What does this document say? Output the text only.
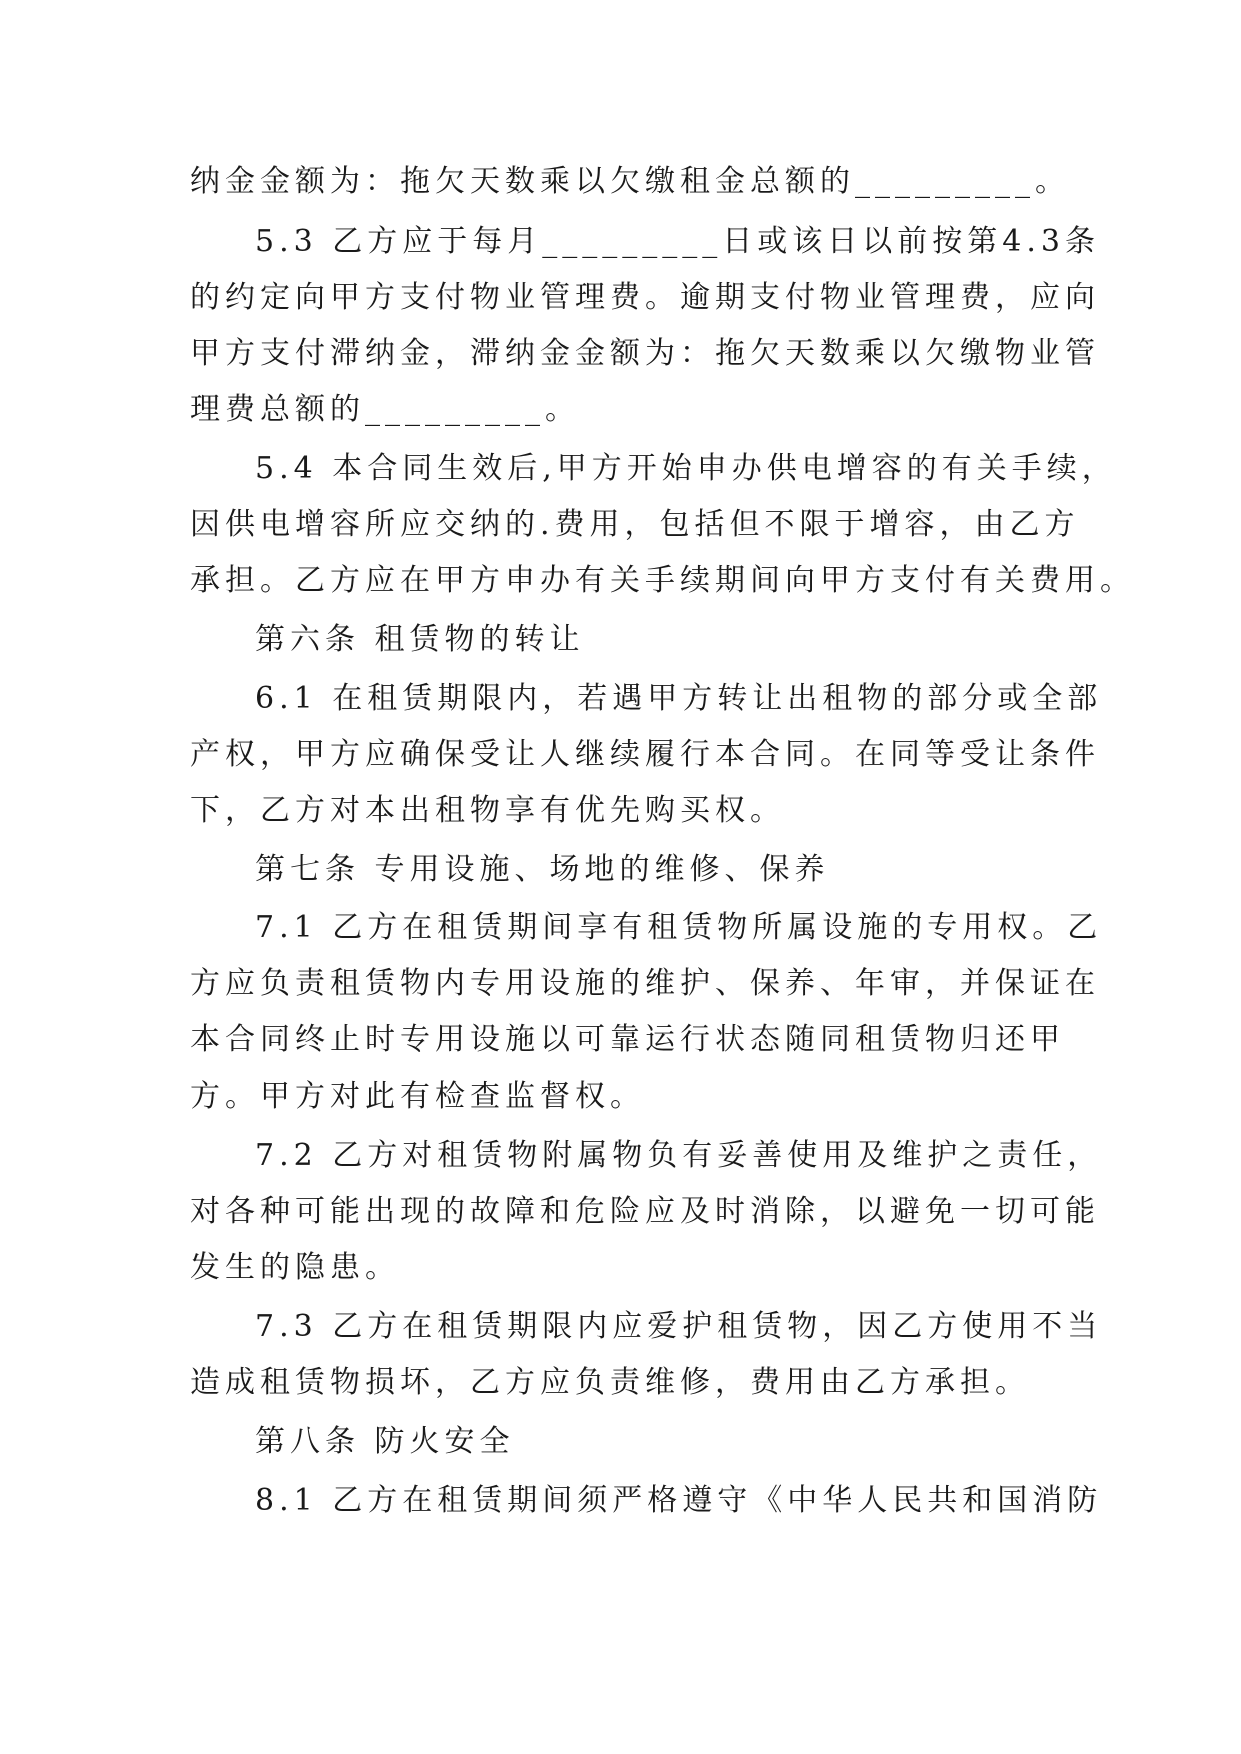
纳金金额为：拖欠天数乘以欠缴租金总额的_________。

5.3 乙方应于每月_________日或该日以前按第4.3条

的约定向甲方支付物业管理费。逾期支付物业管理费，应向

甲方支付滞纳金，滞纳金金额为：拖欠天数乘以欠缴物业管

理费总额的_________。

5.4 本合同生效后,甲方开始申办供电增容的有关手续，

因供电增容所应交纳的.费用，包括但不限于增容，由乙方

承担。乙方应在甲方申办有关手续期间向甲方支付有关费用。

第六条 租赁物的转让

6.1 在租赁期限内，若遇甲方转让出租物的部分或全部

产权，甲方应确保受让人继续履行本合同。在同等受让条件

下，乙方对本出租物享有优先购买权。

第七条 专用设施、场地的维修、保养

7.1 乙方在租赁期间享有租赁物所属设施的专用权。乙

方应负责租赁物内专用设施的维护、保养、年审，并保证在

本合同终止时专用设施以可靠运行状态随同租赁物归还甲

方。甲方对此有检查监督权。

7.2 乙方对租赁物附属物负有妥善使用及维护之责任，

对各种可能出现的故障和危险应及时消除，以避免一切可能

发生的隐患。

7.3 乙方在租赁期限内应爱护租赁物，因乙方使用不当

造成租赁物损坏，乙方应负责维修，费用由乙方承担。

第八条 防火安全

8.1 乙方在租赁期间须严格遵守《中华人民共和国消防
